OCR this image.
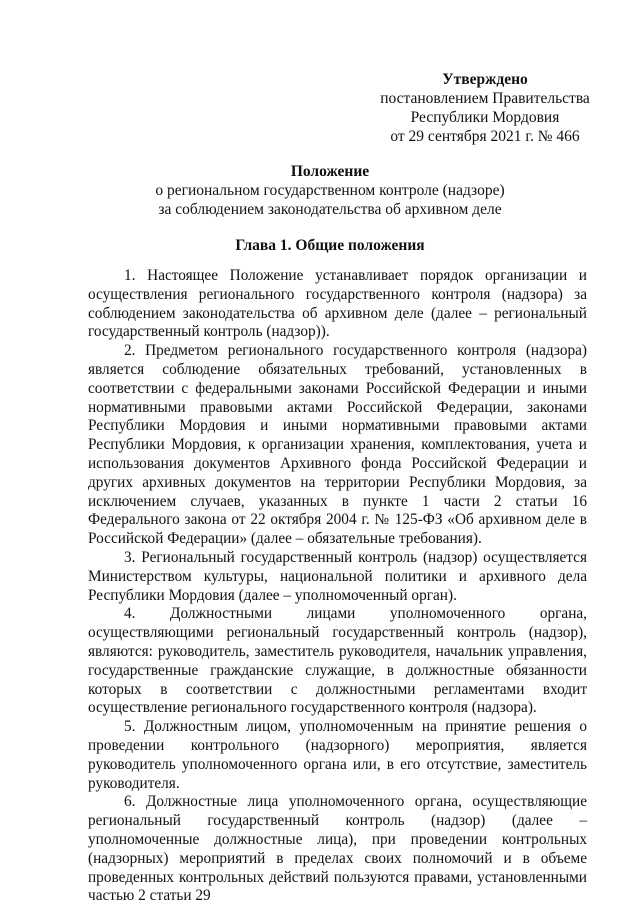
Утверждено
постановлением Правительства
Республики Мордовия
от 29 сентября 2021 г. № 466
Положение
о региональном государственном контроле (надзоре)
за соблюдением законодательства об архивном деле
Глава 1. Общие положения

1. Настоящее Положение устанавливает порядок организации и осуществления регионального государственного контроля (надзора) за соблюдением законодательства об архивном деле (далее – региональный государственный контроль (надзор)).

2. Предметом регионального государственного контроля (надзора) является соблюдение обязательных требований, установленных в соответствии с федеральными законами Российской Федерации и иными нормативными правовыми актами Российской Федерации, законами Республики Мордовия и иными нормативными правовыми актами Республики Мордовия, к организации хранения, комплектования, учета и использования документов Архивного фонда Российской Федерации и других архивных документов на территории Республики Мордовия, за исключением случаев, указанных в пункте 1 части 2 статьи 16 Федерального закона от 22 октября 2004 г. № 125-ФЗ «Об архивном деле в Российской Федерации» (далее – обязательные требования).

3. Региональный государственный контроль (надзор) осуществляется Министерством культуры, национальной политики и архивного дела Республики Мордовия (далее – уполномоченный орган).

4. Должностными лицами уполномоченного органа, осуществляющими региональный государственный контроль (надзор), являются: руководитель, заместитель руководителя, начальник управления, государственные гражданские служащие, в должностные обязанности которых в соответствии с должностными регламентами входит осуществление регионального государственного контроля (надзора).

5. Должностным лицом, уполномоченным на принятие решения о проведении контрольного (надзорного) мероприятия, является руководитель уполномоченного органа или, в его отсутствие, заместитель руководителя.

6. Должностные лица уполномоченного органа, осуществляющие региональный государственный контроль (надзор) (далее – уполномоченные должностные лица), при проведении контрольных (надзорных) мероприятий в пределах своих полномочий и в объеме проведенных контрольных действий пользуются правами, установленными частью 2 статьи 29
